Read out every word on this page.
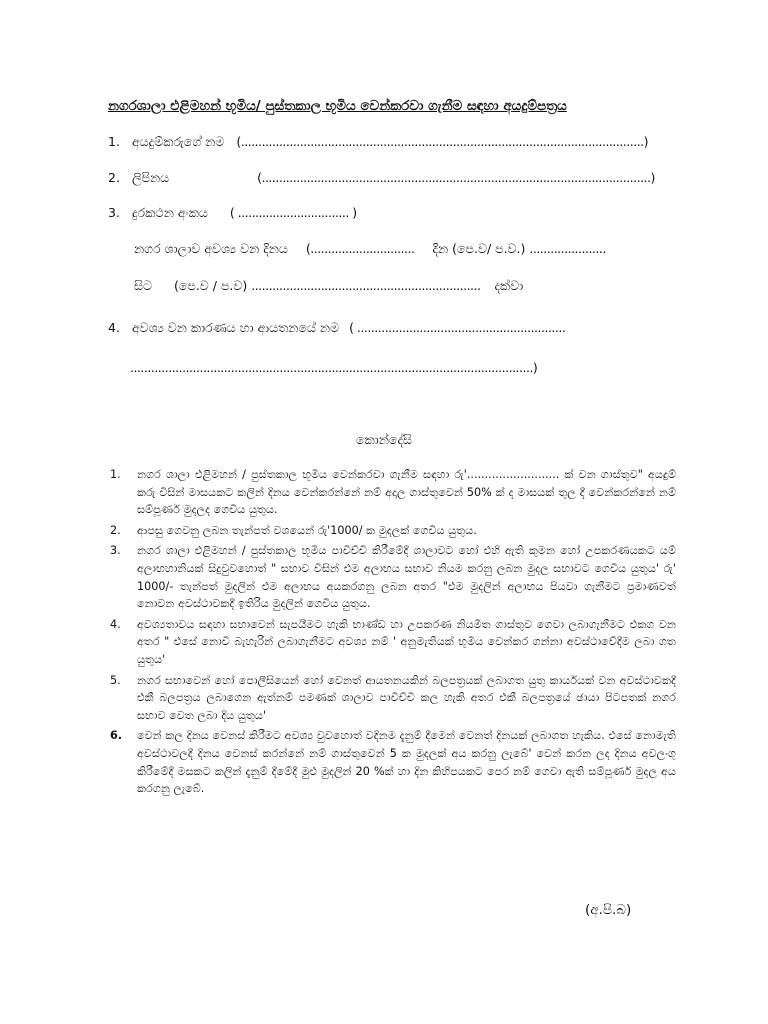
නගරශාලා එළිමහන් භූමිය/ පුස්තකාල භූමිය වෙන්කරවා ගැනීම සඳහා අයදුම්පත්‍රය
1. අයදුම්කරුගේ නම (....................................................................................................................)
2. ලිපිනය	(................................................................................................................)
3. දුරකථන අංකය ( ................................ )
නගර ශාලාව අවශ්‍ය වන දිනය (.............................. දින (පෙ.ව/ ප.ව.) ......................
සිට (පෙ.ව / ප.ව) .................................................................. දක්වා
4. අවශ්‍ය වන කාරණය හා ආයතනයේ නම ( ............................................................
....................................................................................................................)
කොන්දේසි
1. නගර ශාලා එළිමහන් / පුස්තකාල භූමිය වෙන්කරවා ගැනීම සඳහා රු'.......................... ක් වන ගාස්තුව" අයදුම් කරු විසින් මාසයකට කලින් දිනය වෙන්කරන්නේ නම් අදාල ගාස්තුවෙන් 50% ක් ද මාසයක් තුල දී වෙන්කරන්නේ නම් සම්පූර්ණ මුදලද ගෙවිය යුතුය.
2. ආපසු ගෙවනු ලබන තැන්පත් වශයෙන් රු'1000/ ක මුදලක් ගෙවිය යුතුය.
3. නගර ශාලා එළිමහන් / පුස්තකාල භූමිය පාවිච්චි කිරීමේදී ශාලාවට හෝ එහි ඇති කුමන හෝ උපකරණයකට යම් අලාභහානියක් සිදුවුවහොත් " සභාව විසින් එම අලාභය සභාව නියම කරනු ලබන මුදල සභාවට ගෙවිය යුතුය' රු' 1000/- තැන්පත් මුදලින් එම අලාභය අයකරගනු ලබන අතර "එම මුදලින් අලාභය පියවා ගැනීමට ප්‍රමාණවත් නොවන අවස්ථාවකදී ඉතිරිය මුදලින් ගෙවිය යුතුය.
4. අවශ්‍යතාවය සඳහා සභාවෙන් සැපයීමට හැකි භාණ්ඩ හා උපකරණ නියමිත ගාස්තුව ගෙවා ලබාගැනීමට එකග වන අතර " එසේ නොවී බැහැරින් ලබාගැනීමට අවශ්‍ය නම් ' අනුමැතියක් භූමිය වෙන්කර ගන්නා අවස්ථාවේදීම ලබා ගත යුතුය'
5. නගර සභාවෙන් හෝ පොලීසියෙන් හෝ වෙනත් ආයතනයකින් බලපත්‍රයක් ලබාගත යුතු කාර්යයක් වන අවස්ථාවකදී එකී බලපත්‍රය ලබාගෙන ඇත්නම් පමණක් ශාලාව පාවිච්චි කල හැකි අතර එකී බලපත්‍රයේ ඡායා පිටපතක් නගර සභාව වෙත ලබා දිය යුතුය'
6. වෙන් කල දිනය වෙනස් කිරීමට අවශ්‍ය වුවහොත් වදිනම දැනුම් දීමෙන් වෙනත් දිනයක් ලබාගත හැකිය. එසේ නොමැති අවස්ථාවලදී දිනය වෙනස් කරන්නේ නම් ගාස්තුවෙන් 5 ක මුදලක් අය කරනු ලැබේ' වෙන් කරන ලද දිනය අවලංගු කිරීමේදී මසකට කලින් දැනුම් දීමේදී මුළු මුදලින් 20 %ක් හා දින කිහිපයකට පෙර නම් ගෙවා ඇති සම්පූර්ණ මුදල අය කරගනු ලැබේ.
(අ.පි.බ)
